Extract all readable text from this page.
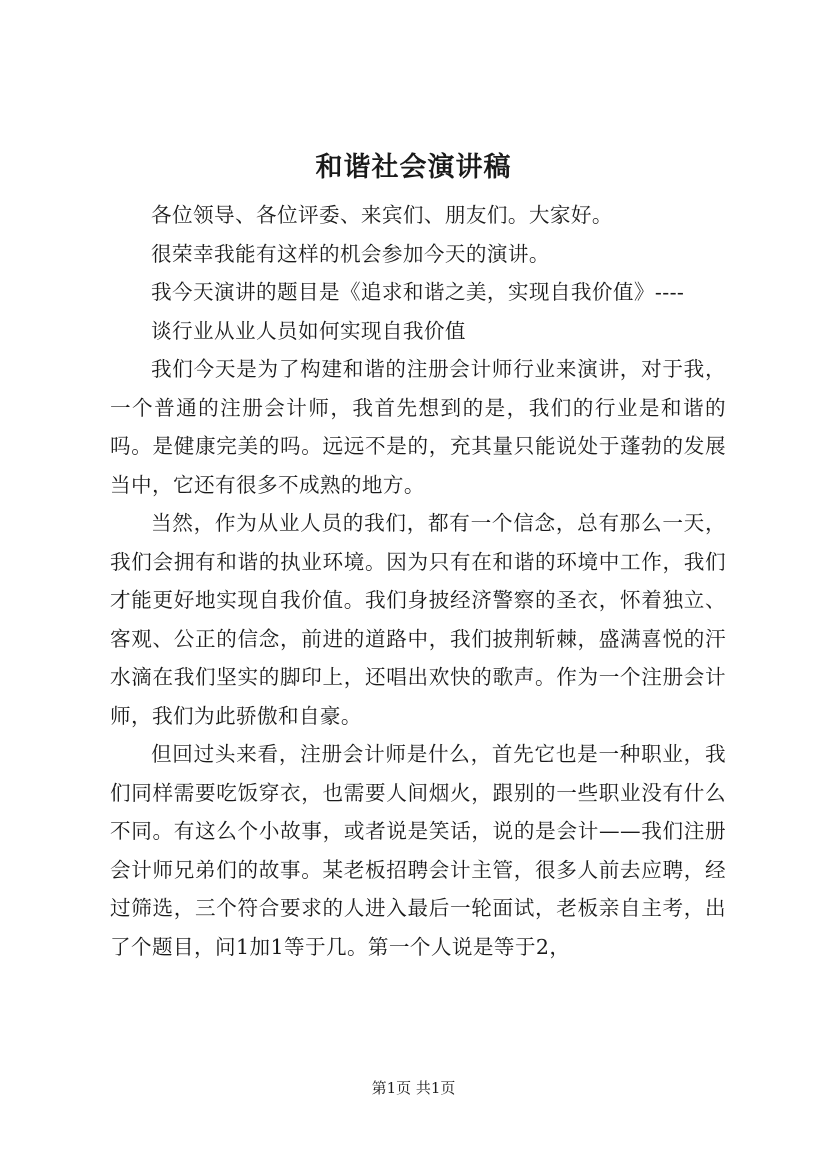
和谐社会演讲稿
各位领导、各位评委、来宾们、朋友们。大家好。
很荣幸我能有这样的机会参加今天的演讲。
我今天演讲的题目是《追求和谐之美，实现自我价值》----
谈行业从业人员如何实现自我价值

我们今天是为了构建和谐的注册会计师行业来演讲，对于我，一个普通的注册会计师，我首先想到的是，我们的行业是和谐的吗。是健康完美的吗。远远不是的，充其量只能说处于蓬勃的发展当中，它还有很多不成熟的地方。

当然，作为从业人员的我们，都有一个信念，总有那么一天，我们会拥有和谐的执业环境。因为只有在和谐的环境中工作，我们才能更好地实现自我价值。我们身披经济警察的圣衣，怀着独立、客观、公正的信念，前进的道路中，我们披荆斩棘，盛满喜悦的汗水滴在我们坚实的脚印上，还唱出欢快的歌声。作为一个注册会计师，我们为此骄傲和自豪。

但回过头来看，注册会计师是什么，首先它也是一种职业，我们同样需要吃饭穿衣，也需要人间烟火，跟别的一些职业没有什么不同。有这么个小故事，或者说是笑话，说的是会计——我们注册会计师兄弟们的故事。某老板招聘会计主管，很多人前去应聘，经过筛选，三个符合要求的人进入最后一轮面试，老板亲自主考，出了个题目，问1加1等于几。第一个人说是等于2，

第1页 共1页
